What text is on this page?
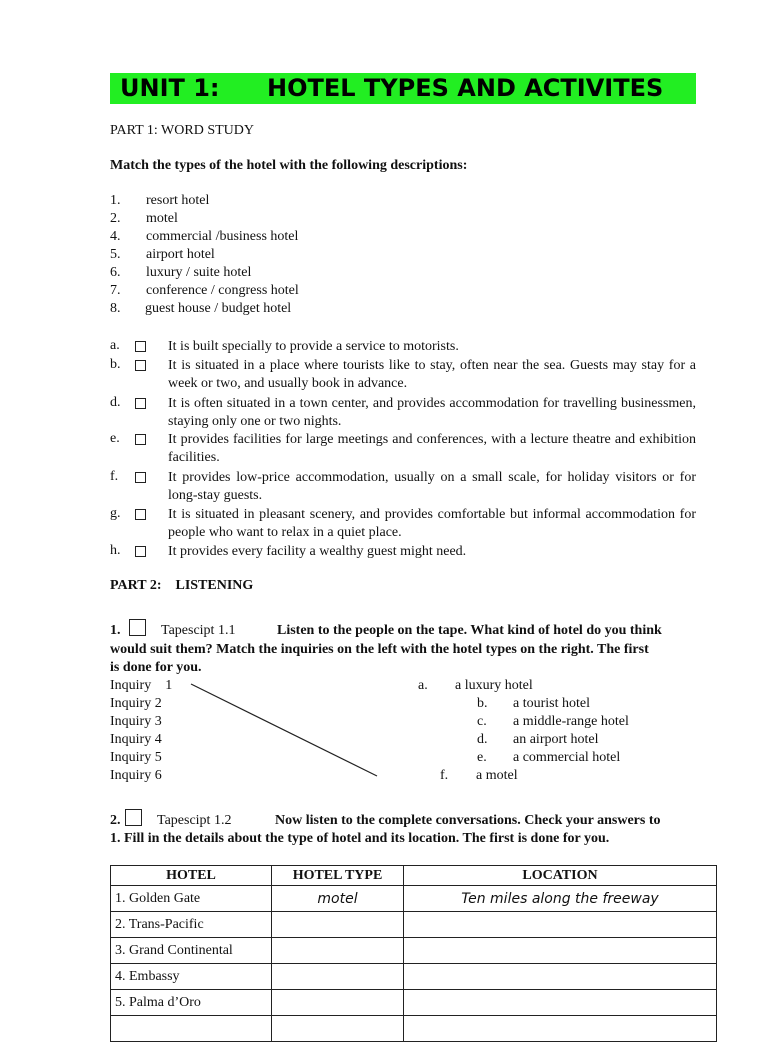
UNIT 1: HOTEL TYPES AND ACTIVITES
PART 1: WORD STUDY
Match the types of the hotel with the following descriptions:
1. resort hotel
2. motel
4. commercial /business hotel
5. airport hotel
6. luxury / suite hotel
7. conference / congress hotel
8. guest house / budget hotel
a.	It is built specially to provide a service to motorists.
b.	It is situated in a place where tourists like to stay, often near the sea. Guests may stay for a week or two, and usually book in advance.
d.	It is often situated in a town center, and provides accommodation for travelling businessmen, staying only one or two nights.
e.	It provides facilities for large meetings and conferences, with a lecture theatre and exhibition facilities.
f.	It provides low-price accommodation, usually on a small scale, for holiday visitors or for long-stay guests.
g.	It is situated in pleasant scenery, and provides comfortable but informal accommodation for people who want to relax in a quiet place.
h.	It provides every facility a wealthy guest might need.
PART 2:    LISTENING
1.	Tapescipt 1.1	Listen to the people on the tape. What kind of hotel do you think
would suit them? Match the inquiries on the left with the hotel types on the right. The first
is done for you.
Inquiry    1
Inquiry 2
Inquiry 3
Inquiry 4
Inquiry 5
Inquiry 6
a. a luxury hotel
b. a tourist hotel
c. a middle-range hotel
d. an airport hotel
e. a commercial hotel
f. a motel
2.	Tapescipt 1.2	Now listen to the complete conversations. Check your answers to
1. Fill in the details about the type of hotel and its location. The first is done for you.
HOTEL	HOTEL TYPE	LOCATION
1. Golden Gate	motel	Ten miles along the freeway
2. Trans-Pacific		
3. Grand Continental		
4. Embassy		
5. Palma d’Oro		
